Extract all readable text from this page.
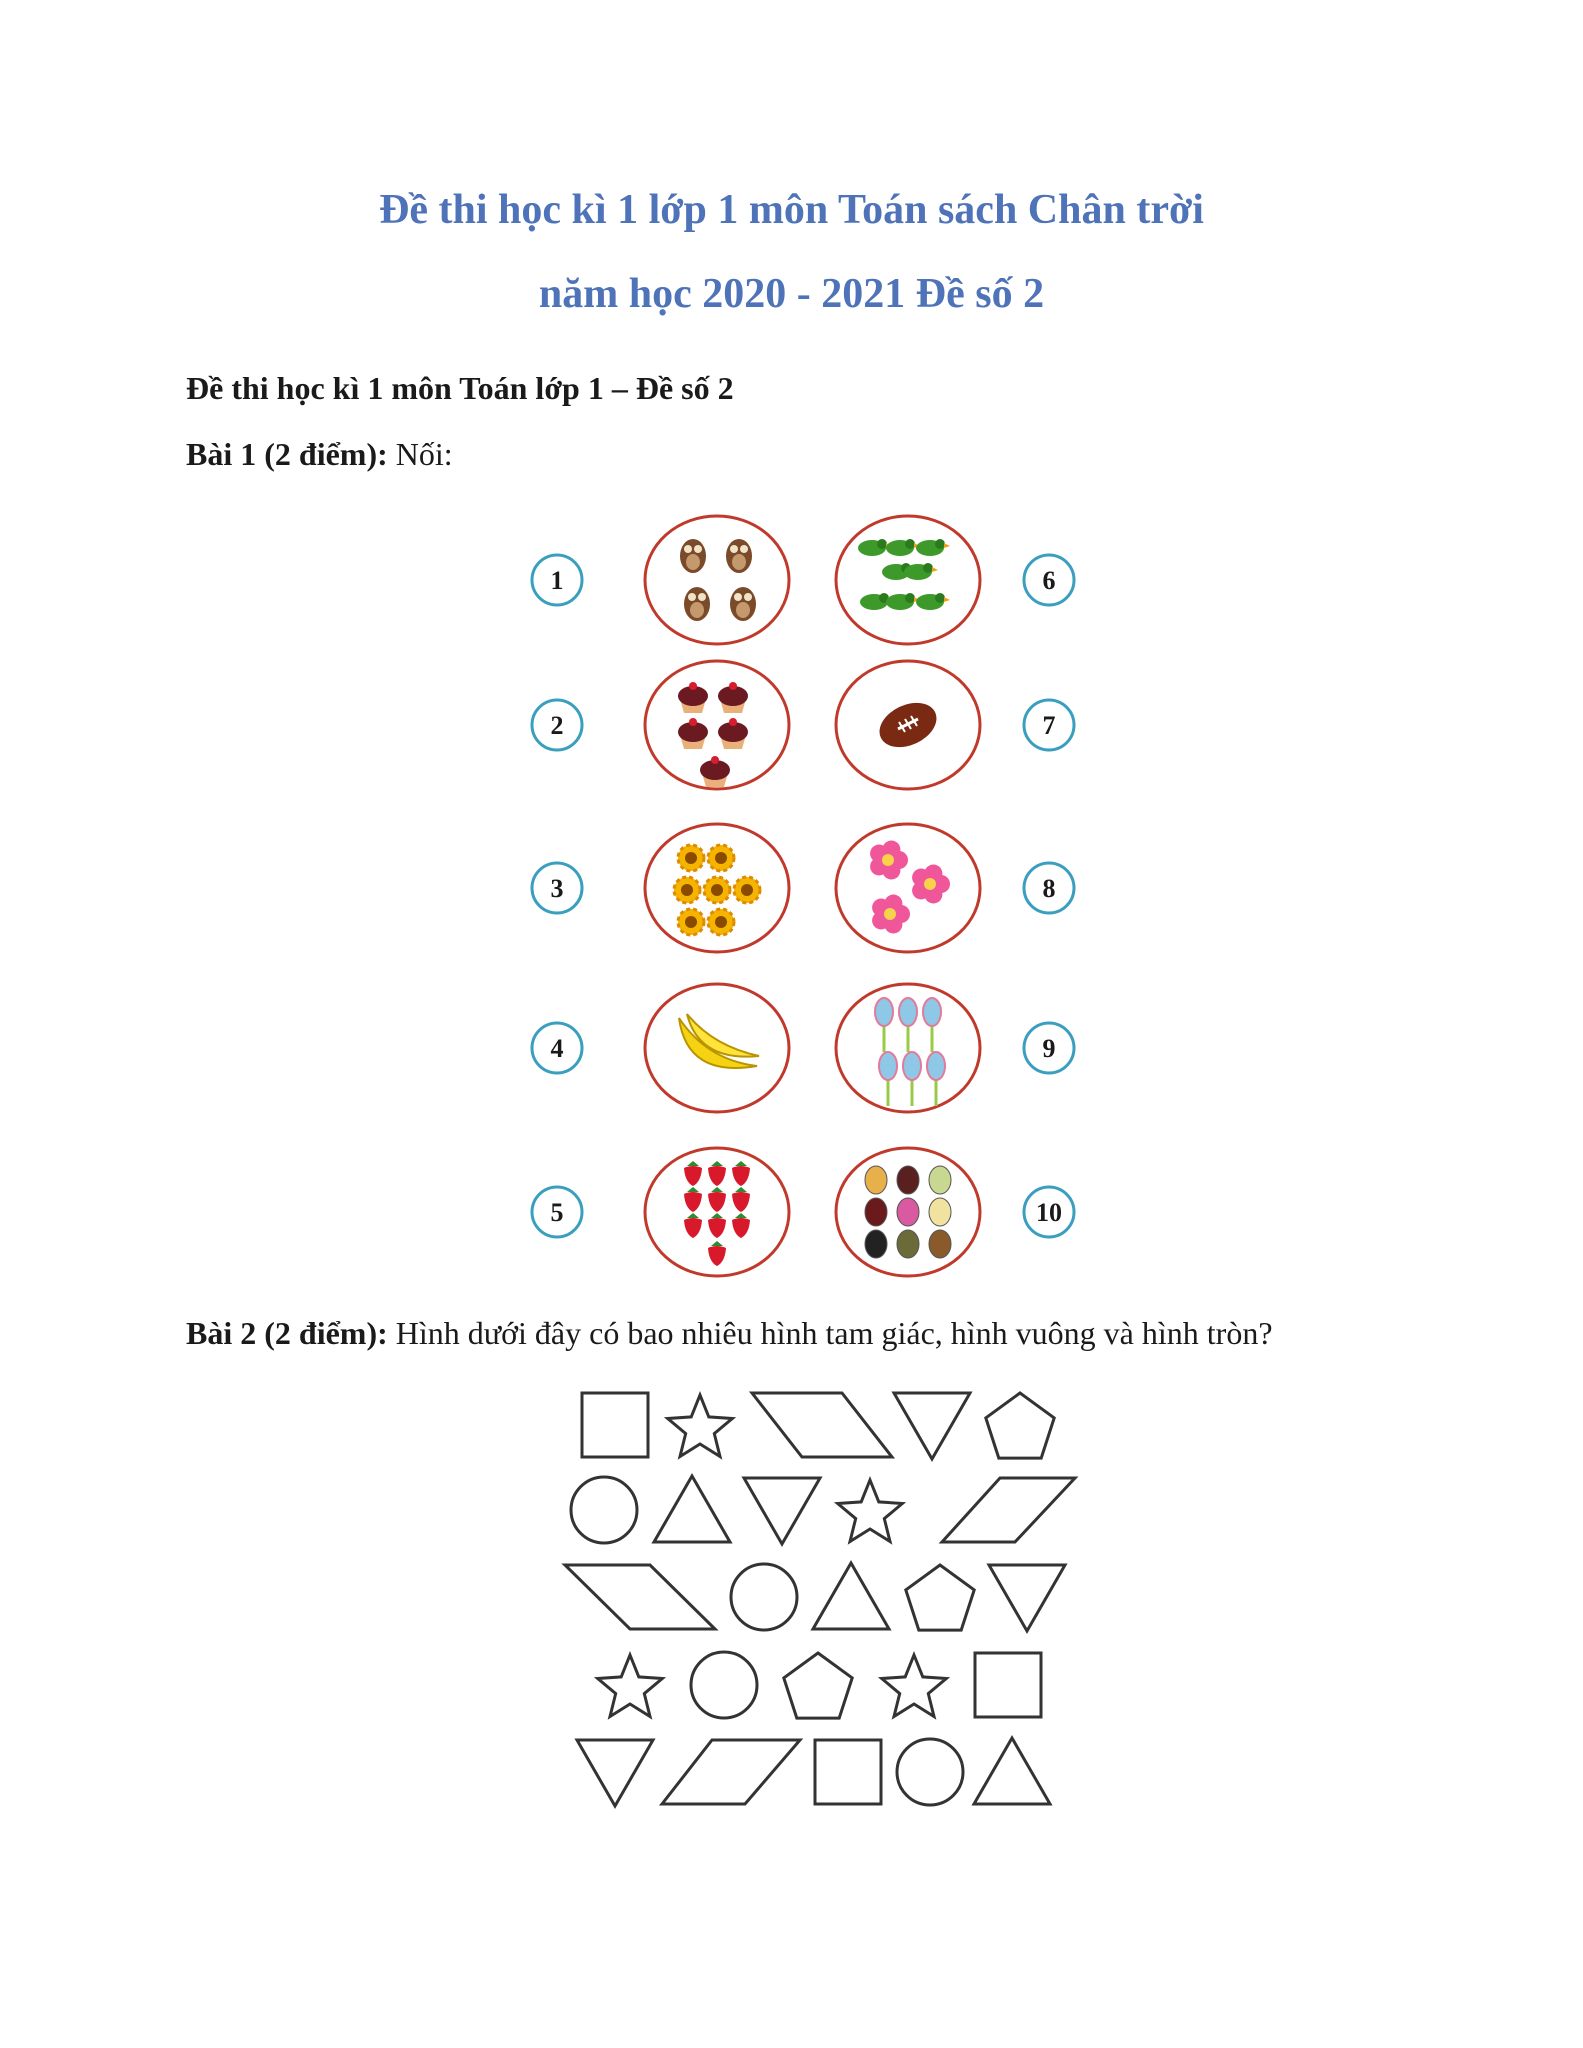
Đề thi học kì 1 lớp 1 môn Toán sách Chân trời
năm học 2020 - 2021 Đề số 2
Đề thi học kì 1 môn Toán lớp 1 – Đề số 2
Bài 1 (2 điểm): Nối:
Bài 2 (2 điểm): Hình dưới đây có bao nhiêu hình tam giác, hình vuông và hình tròn?
1	6
2	7
3	8
4	9
5	10
